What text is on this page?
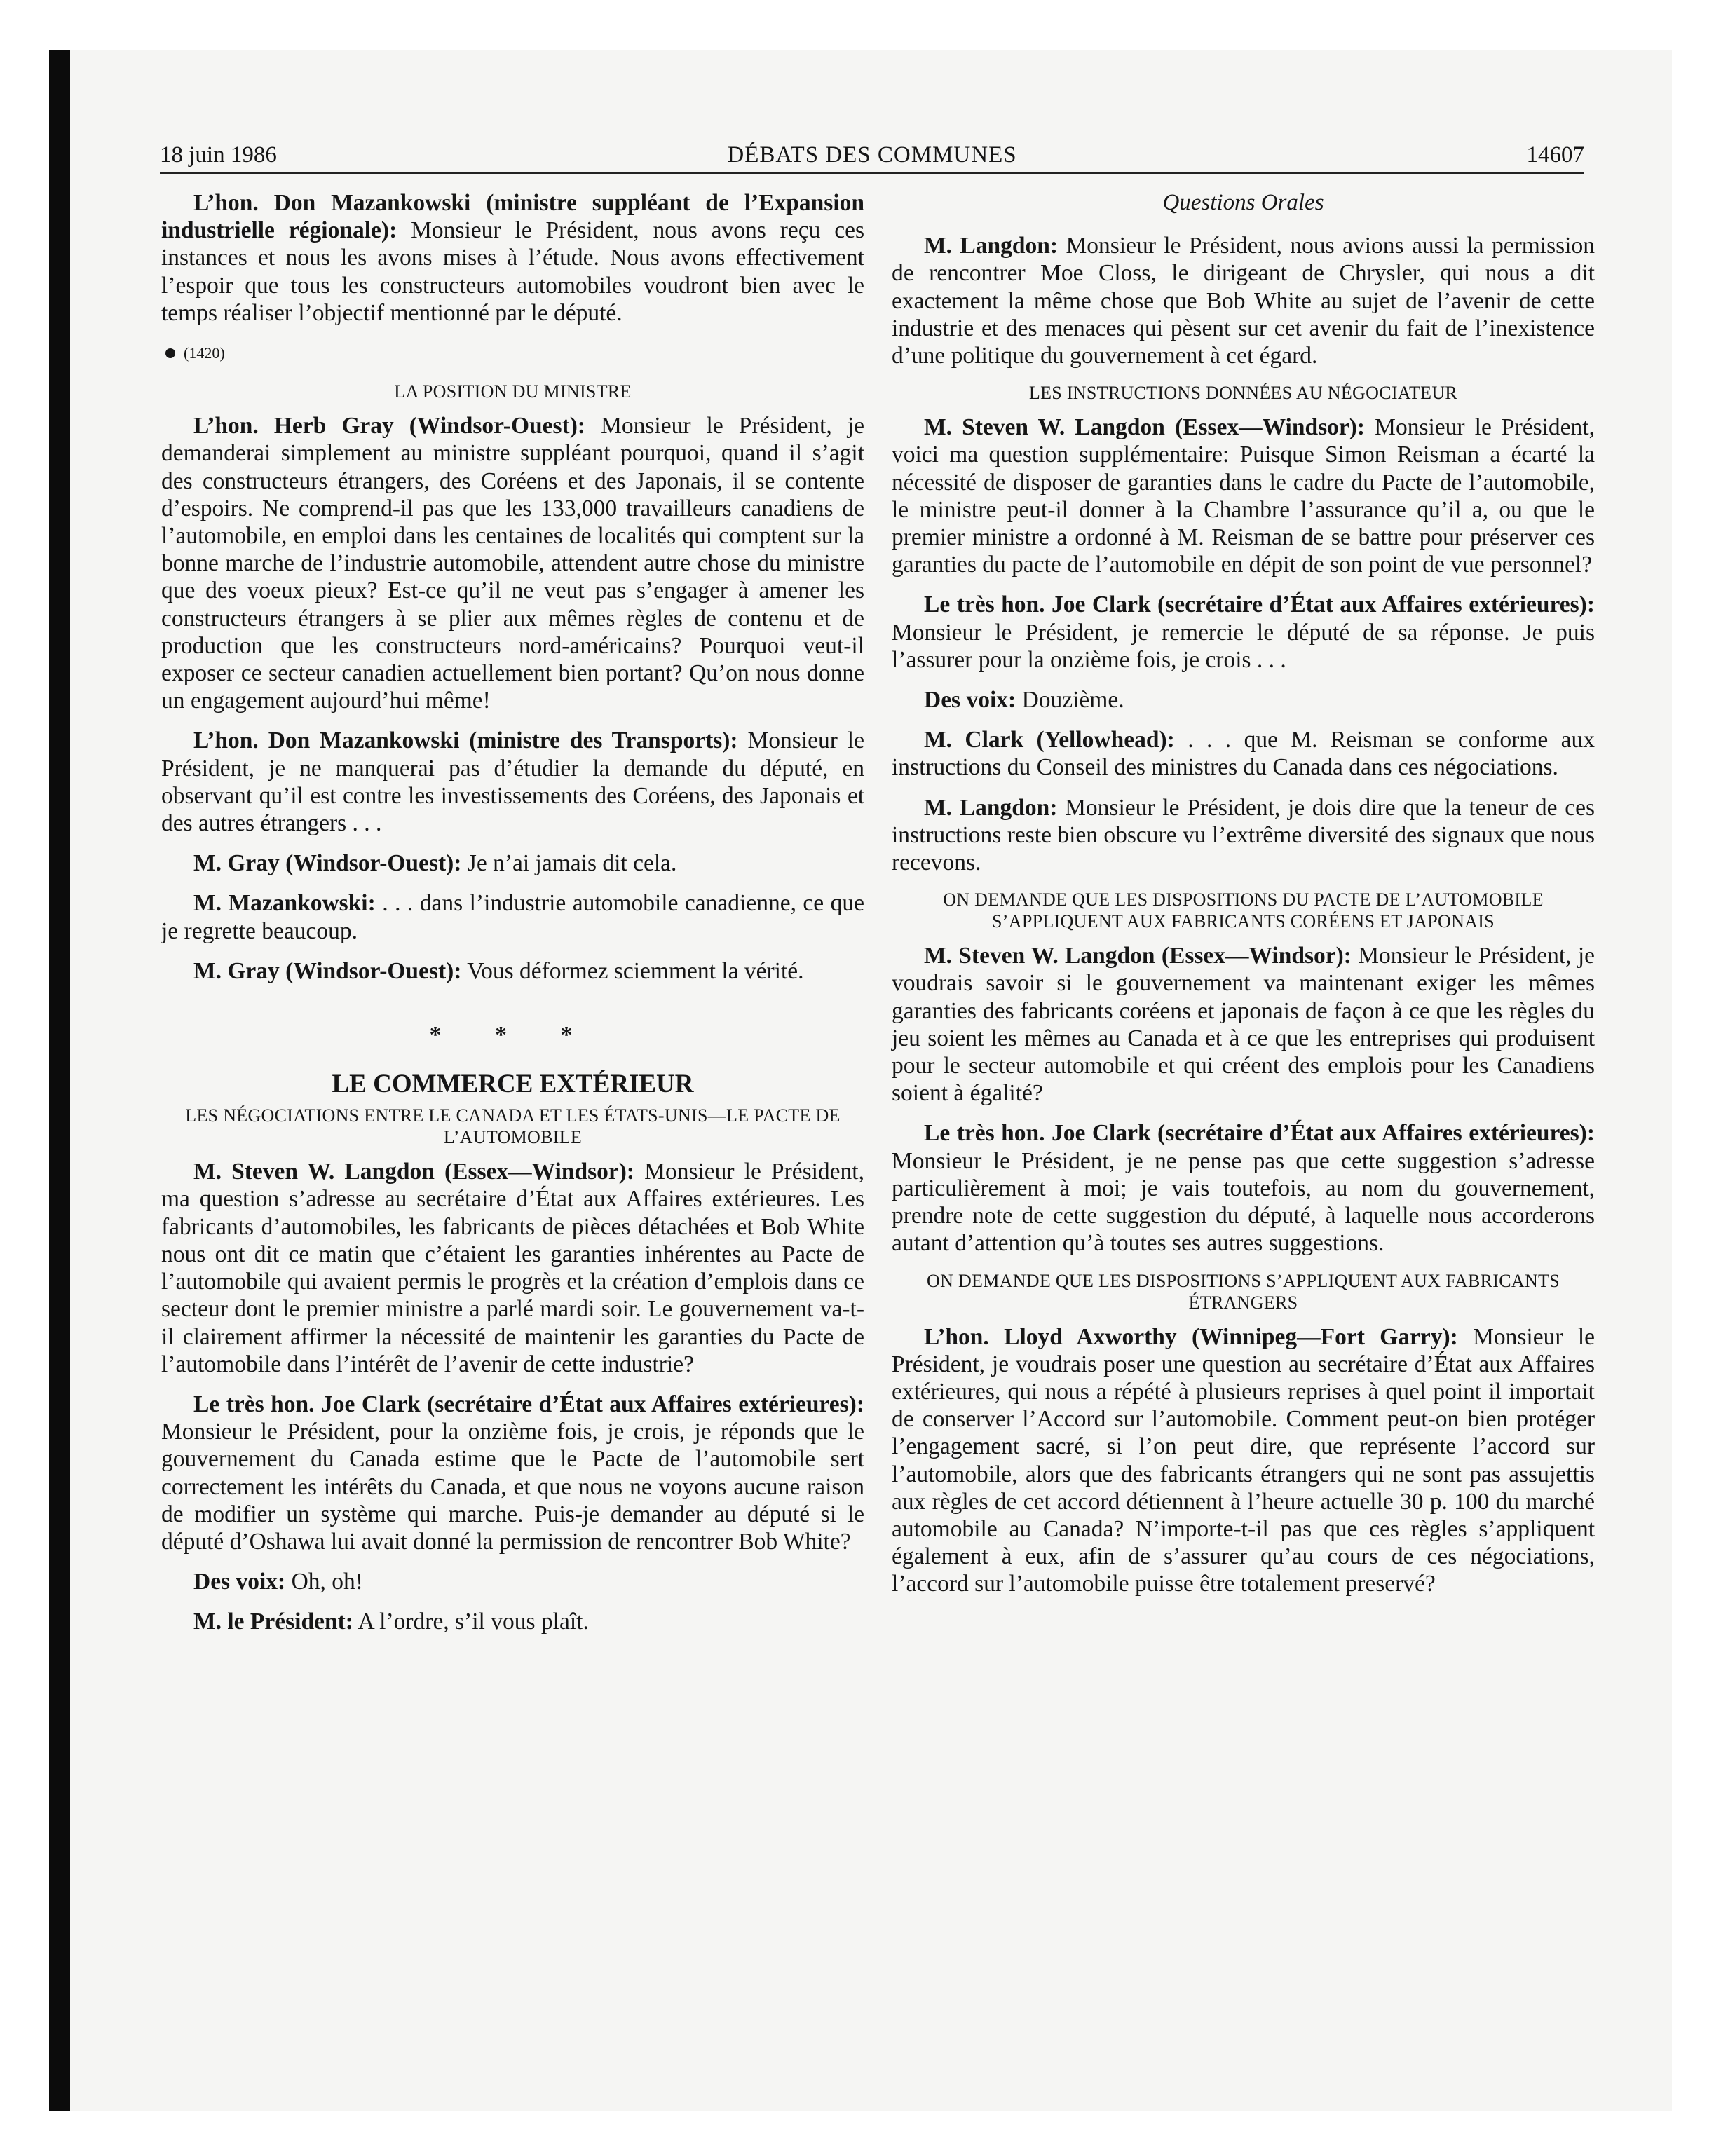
18 juin 1986	DÉBATS DES COMMUNES	14607

L’hon. Don Mazankowski (ministre suppléant de l’Expansion industrielle régionale): Monsieur le Président, nous avons reçu ces instances et nous les avons mises à l’étude. Nous avons effectivement l’espoir que tous les constructeurs automobiles voudront bien avec le temps réaliser l’objectif mentionné par le député.

(1420)
LA POSITION DU MINISTRE

L’hon. Herb Gray (Windsor-Ouest): Monsieur le Président, je demanderai simplement au ministre suppléant pourquoi, quand il s’agit des constructeurs étrangers, des Coréens et des Japonais, il se contente d’espoirs. Ne comprend-il pas que les 133,000 travailleurs canadiens de l’automobile, en emploi dans les centaines de localités qui comptent sur la bonne marche de l’industrie automobile, attendent autre chose du ministre que des voeux pieux? Est-ce qu’il ne veut pas s’engager à amener les constructeurs étrangers à se plier aux mêmes règles de contenu et de production que les constructeurs nord-américains? Pourquoi veut-il exposer ce secteur canadien actuellement bien portant? Qu’on nous donne un engagement aujourd’hui même!

L’hon. Don Mazankowski (ministre des Transports): Monsieur le Président, je ne manquerai pas d’étudier la demande du député, en observant qu’il est contre les investissements des Coréens, des Japonais et des autres étrangers . . .

M. Gray (Windsor-Ouest): Je n’ai jamais dit cela.

M. Mazankowski: . . . dans l’industrie automobile canadienne, ce que je regrette beaucoup.

M. Gray (Windsor-Ouest): Vous déformez sciemment la vérité.

* * *
LE COMMERCE EXTÉRIEUR
LES NÉGOCIATIONS ENTRE LE CANADA ET LES ÉTATS-UNIS—LE PACTE DE L’AUTOMOBILE

M. Steven W. Langdon (Essex—Windsor): Monsieur le Président, ma question s’adresse au secrétaire d’État aux Affaires extérieures. Les fabricants d’automobiles, les fabricants de pièces détachées et Bob White nous ont dit ce matin que c’étaient les garanties inhérentes au Pacte de l’automobile qui avaient permis le progrès et la création d’emplois dans ce secteur dont le premier ministre a parlé mardi soir. Le gouvernement va-t-il clairement affirmer la nécessité de maintenir les garanties du Pacte de l’automobile dans l’intérêt de l’avenir de cette industrie?

Le très hon. Joe Clark (secrétaire d’État aux Affaires extérieures): Monsieur le Président, pour la onzième fois, je crois, je réponds que le gouvernement du Canada estime que le Pacte de l’automobile sert correctement les intérêts du Canada, et que nous ne voyons aucune raison de modifier un système qui marche. Puis-je demander au député si le député d’Oshawa lui avait donné la permission de rencontrer Bob White?

Des voix: Oh, oh!

M. le Président: A l’ordre, s’il vous plaît.

Questions Orales

M. Langdon: Monsieur le Président, nous avions aussi la permission de rencontrer Moe Closs, le dirigeant de Chrysler, qui nous a dit exactement la même chose que Bob White au sujet de l’avenir de cette industrie et des menaces qui pèsent sur cet avenir du fait de l’inexistence d’une politique du gouvernement à cet égard.

LES INSTRUCTIONS DONNÉES AU NÉGOCIATEUR

M. Steven W. Langdon (Essex—Windsor): Monsieur le Président, voici ma question supplémentaire: Puisque Simon Reisman a écarté la nécessité de disposer de garanties dans le cadre du Pacte de l’automobile, le ministre peut-il donner à la Chambre l’assurance qu’il a, ou que le premier ministre a ordonné à M. Reisman de se battre pour préserver ces garanties du pacte de l’automobile en dépit de son point de vue personnel?

Le très hon. Joe Clark (secrétaire d’État aux Affaires extérieures): Monsieur le Président, je remercie le député de sa réponse. Je puis l’assurer pour la onzième fois, je crois . . .

Des voix: Douzième.

M. Clark (Yellowhead): . . . que M. Reisman se conforme aux instructions du Conseil des ministres du Canada dans ces négociations.

M. Langdon: Monsieur le Président, je dois dire que la teneur de ces instructions reste bien obscure vu l’extrême diversité des signaux que nous recevons.

ON DEMANDE QUE LES DISPOSITIONS DU PACTE DE L’AUTOMOBILE S’APPLIQUENT AUX FABRICANTS CORÉENS ET JAPONAIS

M. Steven W. Langdon (Essex—Windsor): Monsieur le Président, je voudrais savoir si le gouvernement va maintenant exiger les mêmes garanties des fabricants coréens et japonais de façon à ce que les règles du jeu soient les mêmes au Canada et à ce que les entreprises qui produisent pour le secteur automobile et qui créent des emplois pour les Canadiens soient à égalité?

Le très hon. Joe Clark (secrétaire d’État aux Affaires extérieures): Monsieur le Président, je ne pense pas que cette suggestion s’adresse particulièrement à moi; je vais toutefois, au nom du gouvernement, prendre note de cette suggestion du député, à laquelle nous accorderons autant d’attention qu’à toutes ses autres suggestions.

ON DEMANDE QUE LES DISPOSITIONS S’APPLIQUENT AUX FABRICANTS ÉTRANGERS

L’hon. Lloyd Axworthy (Winnipeg—Fort Garry): Monsieur le Président, je voudrais poser une question au secrétaire d’État aux Affaires extérieures, qui nous a répété à plusieurs reprises à quel point il importait de conserver l’Accord sur l’automobile. Comment peut-on bien protéger l’engagement sacré, si l’on peut dire, que représente l’accord sur l’automobile, alors que des fabricants étrangers qui ne sont pas assujettis aux règles de cet accord détiennent à l’heure actuelle 30 p. 100 du marché automobile au Canada? N’importe-t-il pas que ces règles s’appliquent également à eux, afin de s’assurer qu’au cours de ces négociations, l’accord sur l’automobile puisse être totalement preservé?
